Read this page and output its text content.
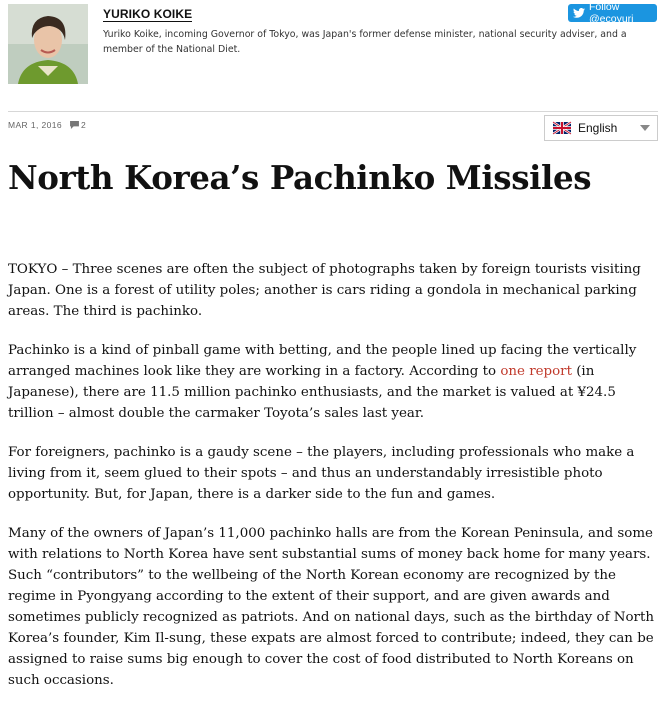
YURIKO KOIKE
Yuriko Koike, incoming Governor of Tokyo, was Japan's former defense minister, national security adviser, and a member of the National Diet.
Follow @ecoyuri
MAR 1, 2016 2	English
North Korea’s Pachinko Missiles

TOKYO – Three scenes are often the subject of photographs taken by foreign tourists visiting Japan. One is a forest of utility poles; another is cars riding a gondola in mechanical parking areas. The third is pachinko.

Pachinko is a kind of pinball game with betting, and the people lined up facing the vertically arranged machines look like they are working in a factory. According to one report (in Japanese), there are 11.5 million pachinko enthusiasts, and the market is valued at ¥24.5 trillion – almost double the carmaker Toyota’s sales last year.

For foreigners, pachinko is a gaudy scene – the players, including professionals who make a living from it, seem glued to their spots – and thus an understandably irresistible photo opportunity. But, for Japan, there is a darker side to the fun and games.

Many of the owners of Japan’s 11,000 pachinko halls are from the Korean Peninsula, and some with relations to North Korea have sent substantial sums of money back home for many years. Such “contributors” to the wellbeing of the North Korean economy are recognized by the regime in Pyongyang according to the extent of their support, and are given awards and sometimes publicly recognized as patriots. And on national days, such as the birthday of North Korea’s founder, Kim Il-sung, these expats are almost forced to contribute; indeed, they can be assigned to raise sums big enough to cover the cost of food distributed to North Koreans on such occasions.
